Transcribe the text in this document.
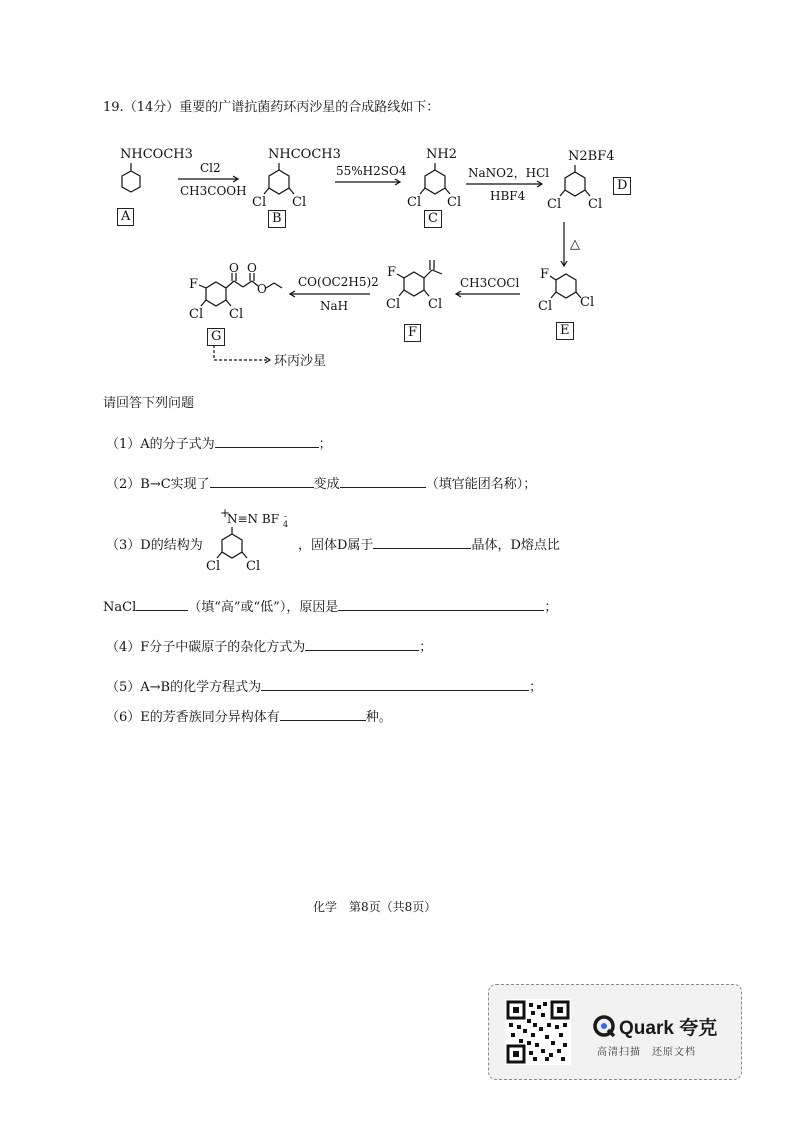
19.（14分）重要的广谱抗菌药环丙沙星的合成路线如下：
NHCOCH3
Cl2
CH3COOH
NHCOCH3
Cl Cl
55%H2SO4
NH2
Cl Cl
NaNO2，HCl
HBF4
N2BF4
Cl Cl
△
F
Cl Cl
CH3COCl
F
Cl Cl
CO(OC2H5)2
NaH
F
O O
O
Cl Cl
环丙沙星
A	B	C
D
E
F
G
请回答下列问题
（1）A的分子式为	；
（2）B→C实现了	变成	（填官能团名称）；
（3）D的结构为
+
N≡N BF -
4
Cl Cl
，固体D属于	晶体，D熔点比
NaCl	（填“高”或“低”），原因是	；
（4）F分子中碳原子的杂化方式为	；
（5）A→B的化学方程式为	；
（6）E的芳香族同分异构体有	种。
化学　第8页（共8页）
Quark 夸克
高清扫描　还原文档
